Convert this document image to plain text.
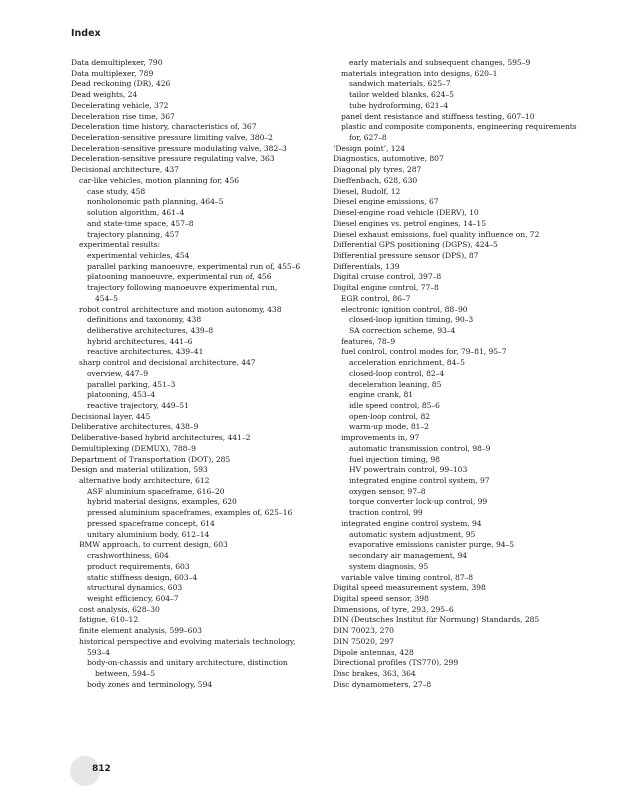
Index
Data demultiplexer, 790
Data multiplexer, 789
Dead reckoning (DR), 426
Dead weights, 24
Decelerating vehicle, 372
Deceleration rise time, 367
Deceleration time history, characteristics of, 367
Deceleration-sensitive pressure limiting valve, 380–2
Deceleration-sensitive pressure modulating valve, 382–3
Deceleration-sensitive pressure regulating valve, 363
Decisional architecture, 437
car-like vehicles, motion planning for, 456
case study, 458
nonholonomic path planning, 464–5
solution algorithm, 461–4
and state-time space, 457–8
trajectory planning, 457
experimental results:
experimental vehicles, 454
parallel parking manoeuvre, experimental run of, 455–6
platooning manoeuvre, experimental run of, 456
trajectory following manoeuvre experimental run,
454–5
robot control architecture and motion autonomy, 438
definitions and taxonomy, 438
deliberative architectures, 439–8
hybrid architectures, 441–6
reactive architectures, 439–41
sharp control and decisional architecture, 447
overview, 447–9
parallel parking, 451–3
platooning, 453–4
reactive trajectory, 449–51
Decisional layer, 445
Deliberative architectures, 438–9
Deliberative-based hybrid architectures, 441–2
Demultiplexing (DEMUX), 788–9
Department of Transportation (DOT), 285
Design and material utilization, 593
alternative body architecture, 612
ASF aluminium spaceframe, 616–20
hybrid material designs, examples, 620
pressed aluminium spaceframes, examples of, 625–16
pressed spaceframe concept, 614
unitary aluminium body, 612–14
BMW approach, to current design, 603
crashworthiness, 604
product requirements, 603
static stiffness design, 603–4
structural dynamics, 603
weight efficiency, 604–7
cost analysis, 628–30
fatigue, 610–12
finite element analysis, 599–603
historical perspective and evolving materials technology,
593–4
body-on-chassis and unitary architecture, distinction
between, 594–5
body zones and terminology, 594
early materials and subsequent changes, 595–9
materials integration into designs, 620–1
sandwich materials, 625–7
tailor welded blanks, 624–5
tube hydroforming, 621–4
panel dent resistance and stiffness testing, 607–10
plastic and composite components, engineering requirements
for, 627–8
‘Design point’, 124
Diagnostics, automotive, 807
Diagonal ply tyres, 287
Dieffenbach, 628, 630
Diesel, Rudolf, 12
Diesel engine emissions, 67
Diesel-engine road vehicle (DERV), 10
Diesel engines vs. petrol engines, 14–15
Diesel exhaust emissions, fuel quality influence on, 72
Differential GPS positioning (DGPS), 424–5
Differential pressure sensor (DPS), 87
Differentials, 139
Digital cruise control, 397–8
Digital engine control, 77–8
EGR control, 86–7
electronic ignition control, 88–90
closed-loop ignition timing, 90–3
SA correction scheme, 93–4
features, 78–9
fuel control, control modes for, 79–81, 95–7
acceleration enrichment, 84–5
closed-loop control, 82–4
deceleration leaning, 85
engine crank, 81
idle speed control, 85–6
open-loop control, 82
warm-up mode, 81–2
improvements in, 97
automatic transmission control, 98–9
fuel injection timing, 98
HV powertrain control, 99–103
integrated engine control system, 97
oxygen sensor, 97–8
torque converter lock-up control, 99
traction control, 99
integrated engine control system, 94
automatic system adjustment, 95
evaporative emissions canister purge, 94–5
secondary air management, 94
system diagnosis, 95
variable valve timing control, 87–8
Digital speed measurement system, 398
Digital speed sensor, 398
Dimensions, of tyre, 293, 295–6
DIN (Deutsches Institut für Normung) Standards, 285
DIN 70023, 270
DIN 75020, 297
Dipole antennas, 428
Directional profiles (TS770), 299
Disc brakes, 363, 364
Disc dynamometers, 27–8
812
